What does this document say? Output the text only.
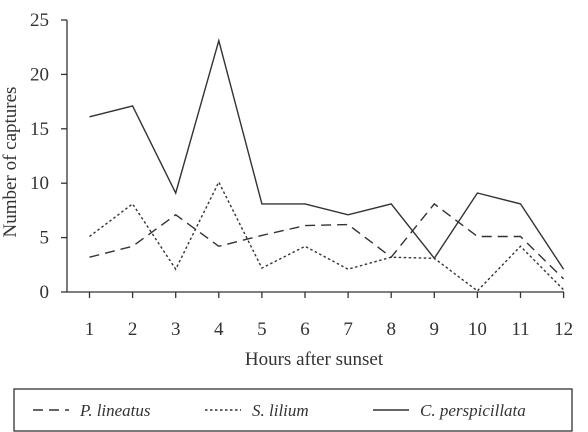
0
5
10
15
20
25
1 2 3 4 5 6 7 8 9 10 11 12
Number of captures
Hours after sunset
P. lineatus	S. lilium	C. perspicillata
